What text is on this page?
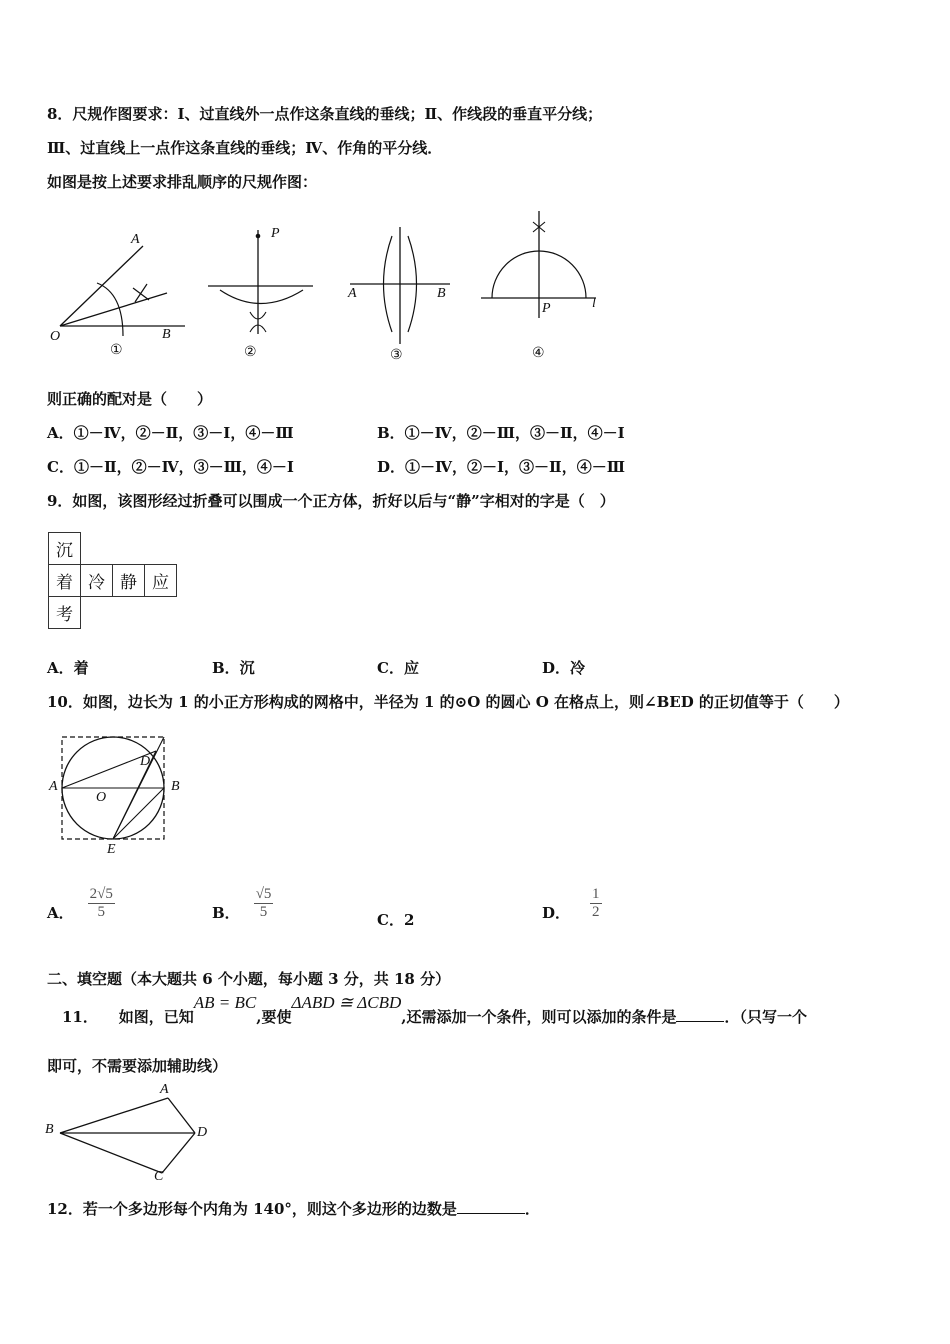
8．尺规作图要求：Ⅰ、过直线外一点作这条直线的垂线；Ⅱ、作线段的垂直平分线；
Ⅲ、过直线上一点作这条直线的垂线；Ⅳ、作角的平分线．
如图是按上述要求排乱顺序的尺规作图：
A
O	B
①
P
②
A	B
③
P	l
④
则正确的配对是（　　）
A．①－Ⅳ，②－Ⅱ，③－Ⅰ，④－Ⅲ	B．①－Ⅳ，②－Ⅲ，③－Ⅱ，④－Ⅰ
C．①－Ⅱ，②－Ⅳ，③－Ⅲ，④－Ⅰ	D．①－Ⅳ，②－Ⅰ，③－Ⅱ，④－Ⅲ
9．如图，该图形经过折叠可以围成一个正方体，折好以后与“静”字相对的字是（　）
沉			
着	冷	静	应
考			
A．着	B．沉	C．应	D．冷
10．如图，边长为 1 的小正方形构成的网格中，半径为 1 的⊙O 的圆心 O 在格点上，则∠BED 的正切值等于（　　）
A
D
O
B
E
A． $\frac{2√5}{5}$	B． $\frac{√5}{5}$	C．2	D． $\frac{1}{2}$
二、填空题（本大题共 6 个小题，每小题 3 分，共 18 分）
11． 如图，已知AB = BC,要使ΔABD ≅ ΔCBD,还需添加一个条件，则可以添加的条件是	．（只写一个
即可，不需要添加辅助线）
A
B
C
D
12．若一个多边形每个内角为 140°，则这个多边形的边数是	．
